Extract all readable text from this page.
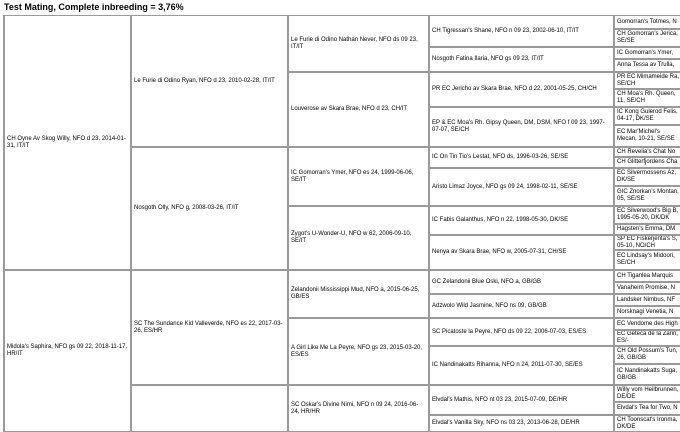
Test Mating, Complete inbreeding = 3,76%
CH Oyne Av Skog Willy, NFO d 23, 2014-01-31, IT/IT
Midola's Saphira, NFO gs 09 22, 2018-11-17, HR/IT
Le Furie di Odino Ryan, NFO d 23, 2010-02-28, IT/IT
Nosgoth Olly, NFO g, 2008-03-26, IT/IT
SC The Sundance Kid Valleverde, NFO es 22, 2017-03-26, ES/HR
Le Furie di Odino Nathan Never, NFO ds 09 23, IT/IT
Louverose av Skara Brae, NFO d 23, CH/IT
IC Gomorran's Ymer, NFO es 24, 1999-06-06, SE/IT
Zygot's U-Wonder-U, NFO w 62, 2006-09-10, SE/IT
Zelandonii Mississippi Mud, NFO a, 2015-06-25, GB/ES
A Girl Like Me La Peyre, NFO gs 23, 2015-03-20, ES/ES
SC Oskar's Divine Nimi, NFO n 09 24, 2016-06-24, HR/HR
CH Tigressan's Shane, NFO n 09 23, 2002-06-10, IT/IT
Nosgoth Fatina Ilaria, NFO gs 09 23, IT/IT
PR EC Jericho av Skara Brae, NFO d 22, 2001-05-25, CH/CH
EP & EC Moa's Rh. Gipsy Queen, DM, DSM, NFO f 09 23, 1997-07-07, SE/CH
IC On Tin Tio's Lestat, NFO ds, 1996-03-26, SE/SE
Aristo Limaz Joyce, NFO gs 09 24, 1998-02-11, SE/SE
IC Fabis Galanthus, NFO n 22, 1998-05-30, DK/SE
Nenya av Skara Brae, NFO w, 2005-07-31, CH/SE
GC Zelandonii Blue Oski, NFO a, GB/GB
Adzwolo Wild Jasmine, NFO ns 09, GB/GB
SC Picatoste la Peyre, NFO ds 09 22, 2006-07-03, ES/ES
IC Nandinakatts Rihanna, NFO n 24, 2011-07-30, SE/ES
Elvdal's Mathis, NFO nt 03 23, 2015-07-09, DE/HR
Elvdal's Vanilla Sky, NFO ns 03 23, 2013-06-28, DE/HR
Gomorran's Totmes, N
CH Gomorran's Jerica, SE/SE
IC Gomorran's Ymer,
Anna Tessa av Trulla,
PR EC Mimameide Ra, SE/CH
CH Moa's Rh. Queen, 11, SE/CH
IC Kong Gulerod Felis, 04-17, DK/SE
EC Mar'Michel's Mecan, 10-21, SE/SE
CH Revelia's Chat No
CH Glitterfjordens Cha
EC Silvermossens Az, DK/SE
GIC Znorkan's Montan, 05, SE/SE
EC Silverwood's Big B, 1995-05-20, DK/DK
Hagsten's Emma, DM
SP EC Fiskerjenta's S, 05-10, NO/CH
EC Lindsay's Midoori, SE/CH
CH Tiganlea Marquis
Vanaheim Promise, N
Landsker Nimbus, NF
Norsknagi Venetia, N
EC Vendome des High
EC Geteca de la Zarin, ES/-
CH Old Possum's Tun, 26, GB/GB
IC Nandinakatts Suga, GB/GB
Willy vom Heilbrunnen, DE/DE
Elvdal's Tea for Two, N
CH Toonscat's Ironma, DK/DE
